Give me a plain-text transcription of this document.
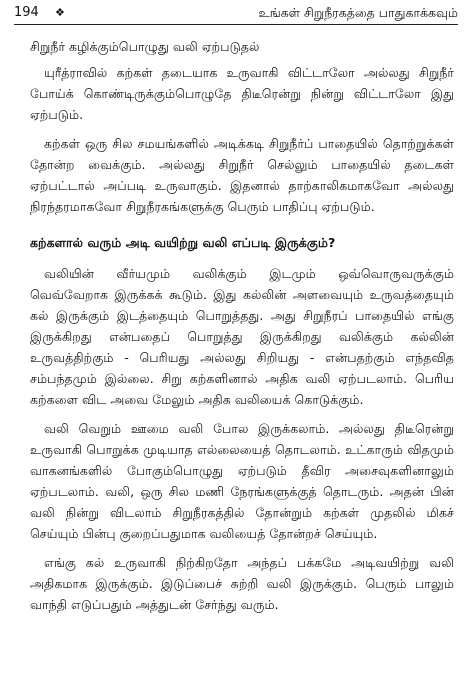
194 ❖	உங்கள் சிறுநீரகத்தை பாதுகாக்கவும்

சிறுநீர் கழிக்கும்பொழுது வலி ஏற்படுதல்

யுரீத்ராவில் கற்கள் தடையாக உருவாகி விட்டாலோ அல்லது சிறுநீர் போய்க் கொண்டிருக்கும்பொழுதே திடீரென்று நின்று விட்டாலோ இது ஏற்படும்.

கற்கள் ஒரு சில சமயங்களில் அடிக்கடி சிறுநீர்ப் பாதையில் தொற்றுக்கள் தோன்ற வைக்கும். அல்லது சிறுநீர் செல்லும் பாதையில் தடைகள் ஏற்பட்டால் அப்படி உருவாகும். இதனால் தாற்காலிகமாகவோ அல்லது நிரந்தரமாகவோ சிறுநீரகங்களுக்கு பெரும் பாதிப்பு ஏற்படும்.

கற்களால் வரும் அடி வயிற்று வலி எப்படி இருக்கும்?

வலியின் வீர்யமும் வலிக்கும் இடமும் ஒவ்வொருவருக்கும் வெவ்வேறாக இருக்கக் கூடும். இது கல்லின் அளவையும் உருவத்தையும் கல் இருக்கும் இடத்தையும் பொறுத்தது. அது சிறுநீரப் பாதையில் எங்கு இருக்கிறது என்பதைப் பொறுத்து இருக்கிறது வலிக்கும் கல்லின் உருவத்திற்கும் - பெரியது அல்லது சிறியது - என்பதற்கும் எந்தவித சம்பந்தமும் இல்லை. சிறு கற்களினால் அதிக வலி ஏற்படலாம். பெரிய கற்களை விட அவை மேலும் அதிக வலியைக் கொடுக்கும்.

வலி வெறும் ஊமை வலி போல இருக்கலாம். அல்லது திடீரென்று உருவாகி பொறுக்க முடியாத எல்லையைத் தொடலாம். உட்காரும் விதமும் வாகனங்களில் போகும்பொழுது ஏற்படும் தீவிர அசைவுகளினாலும் ஏற்படலாம். வலி, ஒரு சில மணி நேரங்களுக்குத் தொடரும். அதன் பின் வலி நின்று விடலாம் சிறுநீரகத்தில் தோன்றும் கற்கள் முதலில் மிகச் செய்யும் பின்பு குறைப்பதுமாக வலியைத் தோன்றச் செய்யும்.

எங்கு கல் உருவாகி நிற்கிறதோ அந்தப் பக்கமே அடிவயிற்று வலி அதிகமாக இருக்கும். இடுப்பைச் சுற்றி வலி இருக்கும். பெரும் பாலும் வாந்தி எடுப்பதும் அத்துடன் சேர்ந்து வரும்.
